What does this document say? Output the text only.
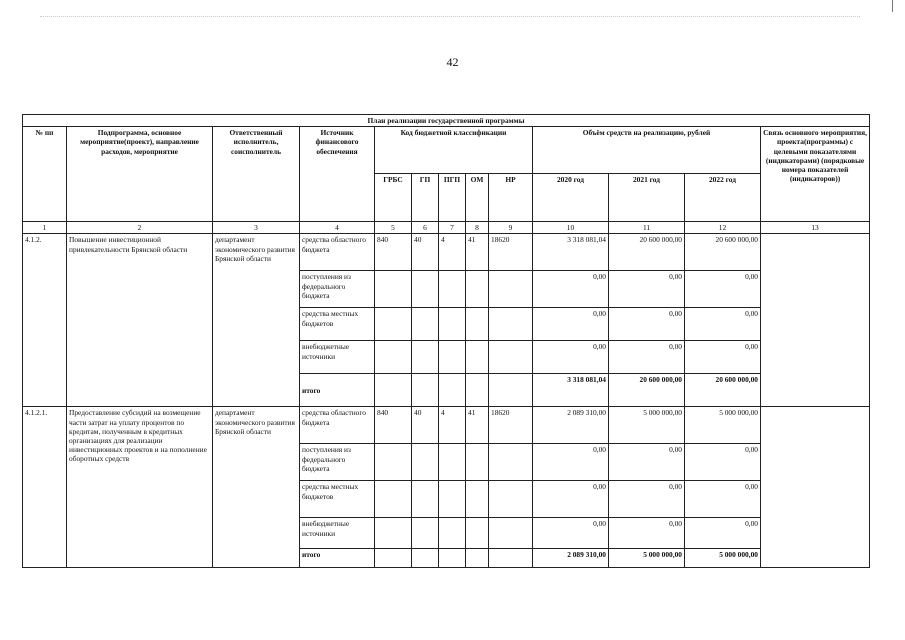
42
План реализации государственной программы												
№ пп	Подпрограмма, основное мероприятие(проект), направление расходов, мероприятие	Ответственный исполнитель, соисполнитель	Источник финансового обеспечения	Код бюджетной классификации					Объём средств на реализацию, рублей			Связь основного мероприятия, проекта(программы) с целевыми показателями (индикаторами) (порядковые номера показателей (индикаторов))
				ГРБС	ГП	ПГП	ОМ	НР	2020 год	2021 год	2022 год	
1	2	3	4	5	6	7	8	9	10	11	12	13
4.1.2.	Повышение инвестиционной привлекательности Брянской области	департамент экономического развития Брянской области	средства областного бюджета	840	40	4	41	18620	3 318 081,04	20 600 000,00	20 600 000,00	
			поступления из федерального бюджета						0,00	0,00	0,00	
			средства местных бюджетов						0,00	0,00	0,00	
			внебюджетные источники						0,00	0,00	0,00	
			итого						3 318 081,04	20 600 000,00	20 600 000,00	
4.1.2.1.	Предоставление субсидий на возмещение части затрат на уплату процентов по кредитам, полученным в кредитных организациях для реализации инвестиционных проектов и на пополнение оборотных средств	департамент экономического развития Брянской области	средства областного бюджета	840	40	4	41	18620	2 089 310,00	5 000 000,00	5 000 000,00	
			поступления из федерального бюджета						0,00	0,00	0,00	
			средства местных бюджетов						0,00	0,00	0,00	
			внебюджетные источники						0,00	0,00	0,00	
			итого						2 089 310,00	5 000 000,00	5 000 000,00	
